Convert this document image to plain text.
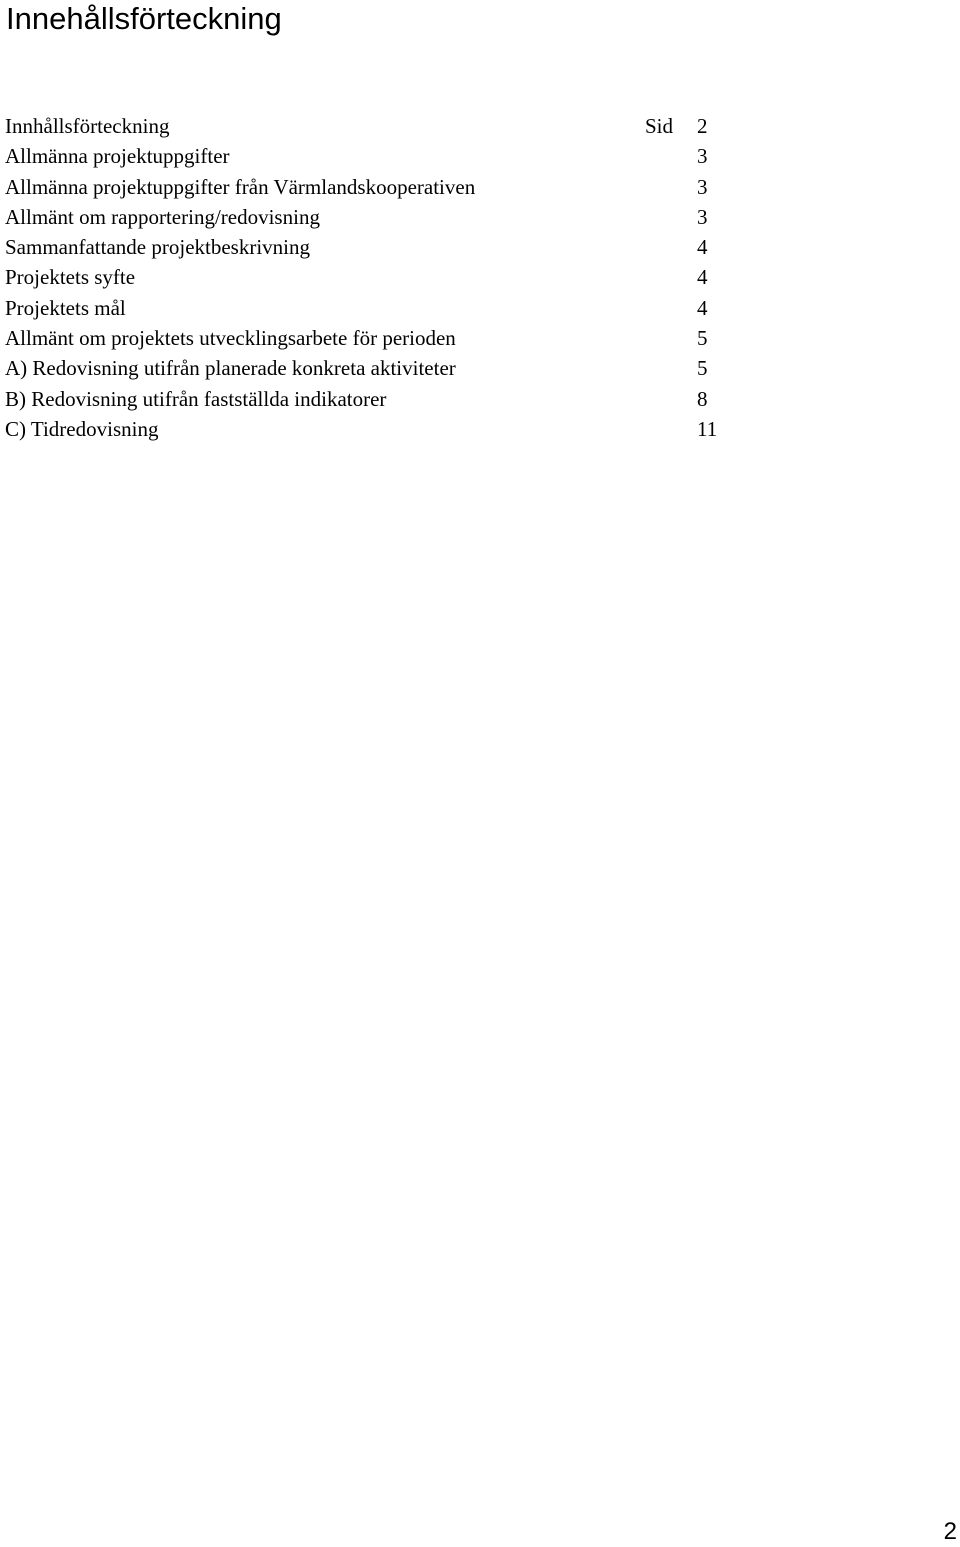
Innehållsförteckning
Innhållsförteckning	Sid 2
Allmänna projektuppgifter	3
Allmänna projektuppgifter från Värmlandskooperativen	3
Allmänt om rapportering/redovisning	3
Sammanfattande projektbeskrivning	4
Projektets syfte	4
Projektets mål	4
Allmänt om projektets utvecklingsarbete för perioden	5
A) Redovisning utifrån planerade konkreta aktiviteter	5
B) Redovisning utifrån fastställda indikatorer	8
C) Tidredovisning	11
2
